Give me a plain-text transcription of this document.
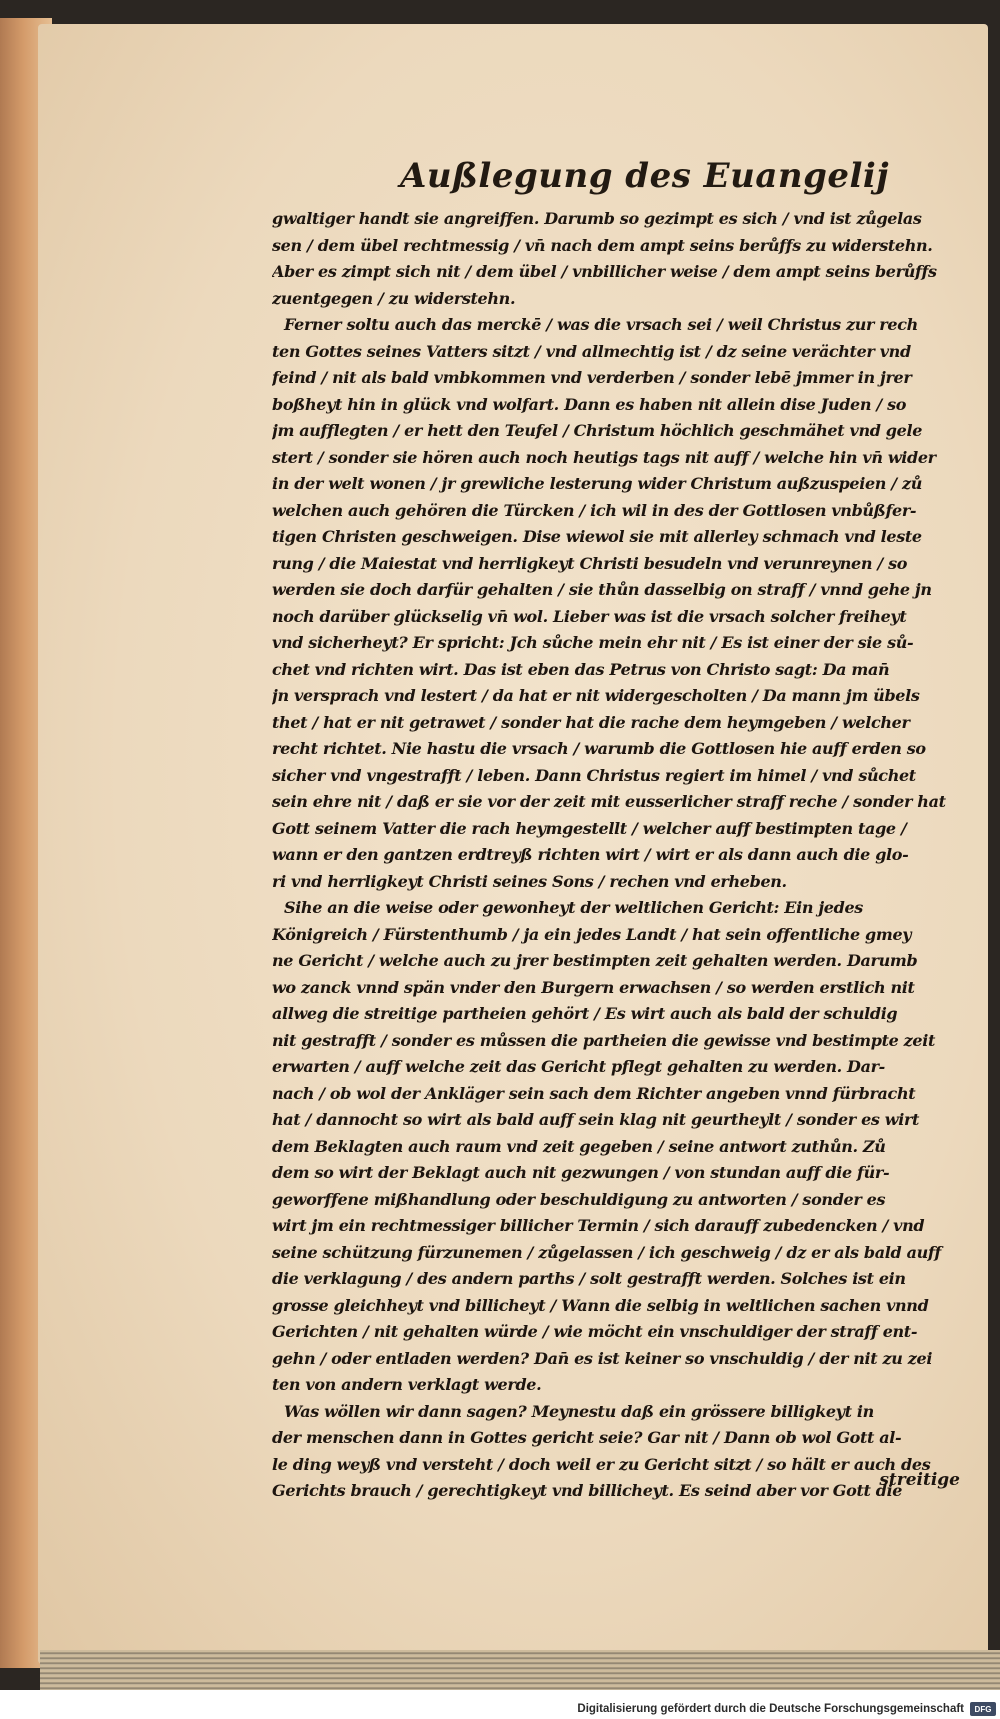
Außlegung des Euangelij
gwaltiger handt sie angreiffen. Darumb so gezimpt es sich / vnd ist zůgelas
sen / dem übel rechtmessig / vn̄ nach dem ampt seins berůffs zu widerstehn.
Aber es zimpt sich nit / dem übel / vnbillicher weise / dem ampt seins berůffs
zuentgegen / zu widerstehn.
Ferner soltu auch das merckē / was die vrsach sei / weil Christus zur rech
ten Gottes seines Vatters sitzt / vnd allmechtig ist / dz seine verächter vnd
feind / nit als bald vmbkommen vnd verderben / sonder lebē jmmer in jrer
boßheyt hin in glück vnd wolfart. Dann es haben nit allein dise Juden / so
jm aufflegten / er hett den Teufel / Christum höchlich geschmähet vnd gele
stert / sonder sie hören auch noch heutigs tags nit auff / welche hin vn̄ wider
in der welt wonen / jr grewliche lesterung wider Christum außzuspeien / zů
welchen auch gehören die Türcken / ich wil in des der Gottlosen vnbůßfer-
tigen Christen geschweigen. Dise wiewol sie mit allerley schmach vnd leste
rung / die Maiestat vnd herrligkeyt Christi besudeln vnd verunreynen / so
werden sie doch darfür gehalten / sie thůn dasselbig on straff / vnnd gehe jn
noch darüber glückselig vn̄ wol. Lieber was ist die vrsach solcher freiheyt
vnd sicherheyt? Er spricht: Jch sůche mein ehr nit / Es ist einer der sie sů-
chet vnd richten wirt. Das ist eben das Petrus von Christo sagt: Da man̄
jn versprach vnd lestert / da hat er nit widergescholten / Da mann jm übels
thet / hat er nit getrawet / sonder hat die rache dem heymgeben / welcher
recht richtet. Nie hastu die vrsach / warumb die Gottlosen hie auff erden so
sicher vnd vngestrafft / leben. Dann Christus regiert im himel / vnd sůchet
sein ehre nit / daß er sie vor der zeit mit eusserlicher straff reche / sonder hat
Gott seinem Vatter die rach heymgestellt / welcher auff bestimpten tage /
wann er den gantzen erdtreyß richten wirt / wirt er als dann auch die glo-
ri vnd herrligkeyt Christi seines Sons / rechen vnd erheben.
Sihe an die weise oder gewonheyt der weltlichen Gericht: Ein jedes
Königreich / Fürstenthumb / ja ein jedes Landt / hat sein offentliche gmey
ne Gericht / welche auch zu jrer bestimpten zeit gehalten werden. Darumb
wo zanck vnnd spän vnder den Burgern erwachsen / so werden erstlich nit
allweg die streitige partheien gehört / Es wirt auch als bald der schuldig
nit gestrafft / sonder es můssen die partheien die gewisse vnd bestimpte zeit
erwarten / auff welche zeit das Gericht pflegt gehalten zu werden. Dar-
nach / ob wol der Ankläger sein sach dem Richter angeben vnnd fürbracht
hat / dannocht so wirt als bald auff sein klag nit geurtheylt / sonder es wirt
dem Beklagten auch raum vnd zeit gegeben / seine antwort zuthůn. Zů
dem so wirt der Beklagt auch nit gezwungen / von stundan auff die für-
geworffene mißhandlung oder beschuldigung zu antworten / sonder es
wirt jm ein rechtmessiger billicher Termin / sich darauff zubedencken / vnd
seine schützung fürzunemen / zůgelassen / ich geschweig / dz er als bald auff
die verklagung / des andern parths / solt gestrafft werden. Solches ist ein
grosse gleichheyt vnd billicheyt / Wann die selbig in weltlichen sachen vnnd
Gerichten / nit gehalten würde / wie möcht ein vnschuldiger der straff ent-
gehn / oder entladen werden? Dan̄ es ist keiner so vnschuldig / der nit zu zei
ten von andern verklagt werde.
Was wöllen wir dann sagen? Meynestu daß ein grössere billigkeyt in
der menschen dann in Gottes gericht seie? Gar nit / Dann ob wol Gott al-
le ding weyß vnd versteht / doch weil er zu Gericht sitzt / so hält er auch des
Gerichts brauch / gerechtigkeyt vnd billicheyt. Es seind aber vor Gott die
streitige
Digitalisierung gefördert durch die Deutsche Forschungsgemeinschaft DFG
